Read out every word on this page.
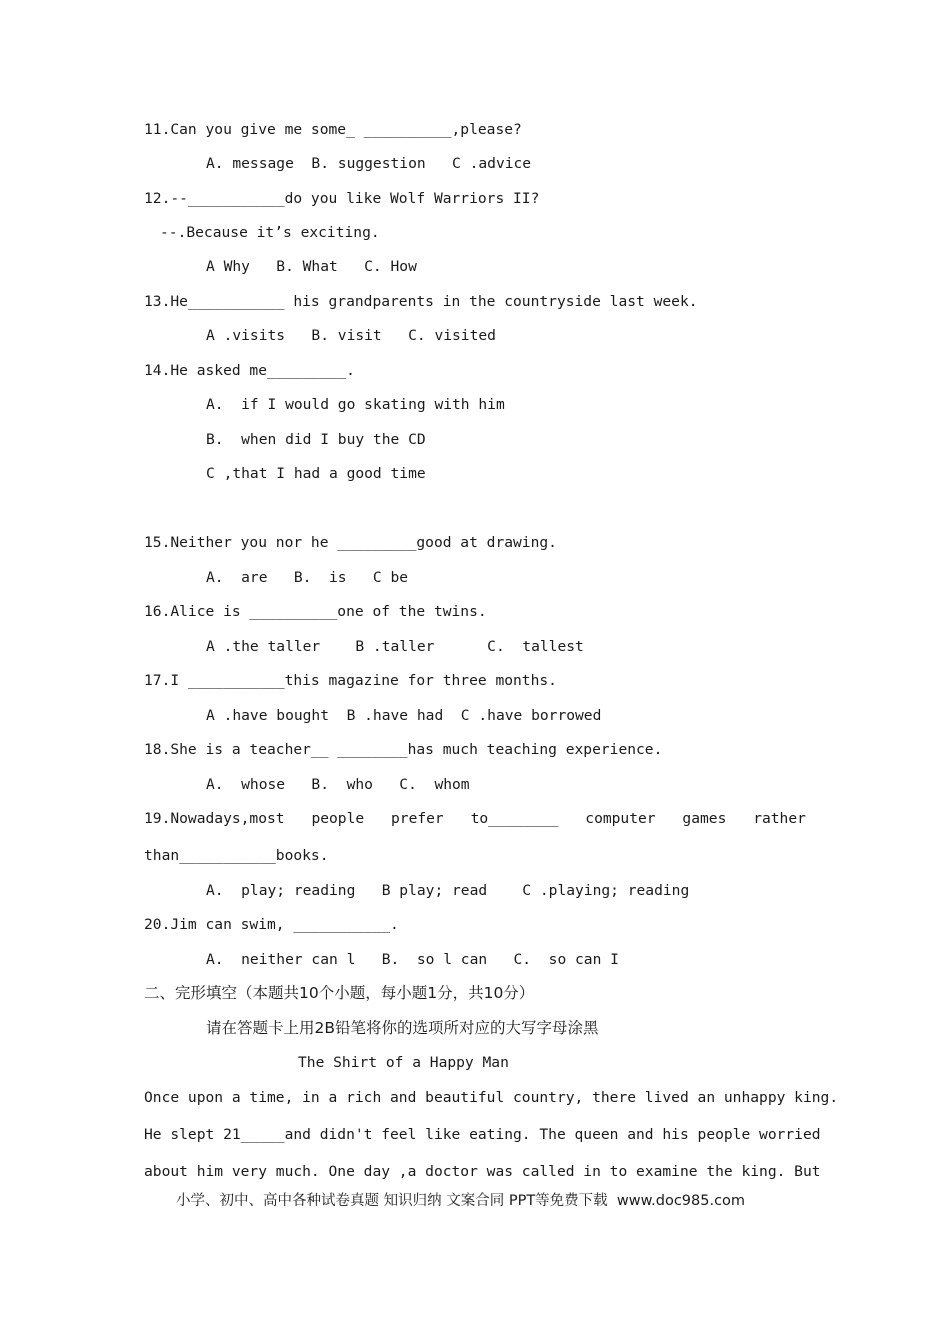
11.Can you give me some_ __________,please?
A. message  B. suggestion   C .advice
12.--___________do you like Wolf Warriors II?
--.Because it’s exciting.
A Why   B. What   C. How
13.He___________ his grandparents in the countryside last week.
A .visits   B. visit   C. visited
14.He asked me_________.
A.  if I would go skating with him
B.  when did I buy the CD
C ,that I had a good time
15.Neither you nor he _________good at drawing.
A.  are   B.  is   C be
16.Alice is __________one of the twins.
A .the taller    B .taller      C.  tallest
17.I ___________this magazine for three months.
A .have bought  B .have had  C .have borrowed
18.She is a teacher__ ________has much teaching experience.
A.  whose   B.  who   C.  whom
19.Nowadays,most people prefer to________ computer games rather
than___________books.
A.  play; reading   B play; read    C .playing; reading
20.Jim can swim, ___________.
A.  neither can l   B.  so l can   C.  so can I
二、完形填空（本题共10个小题，每小题1分，共10分）
请在答题卡上用2B铅笔将你的选项所对应的大写字母涂黑
The Shirt of a Happy Man
Once upon a time, in a rich and beautiful country, there lived an unhappy king.
He slept 21_____and didn't feel like eating. The queen and his people worried
about him very much. One day ,a doctor was called in to examine the king. But
小学、初中、高中各种试卷真题 知识归纳 文案合同 PPT等免费下载  www.doc985.com
